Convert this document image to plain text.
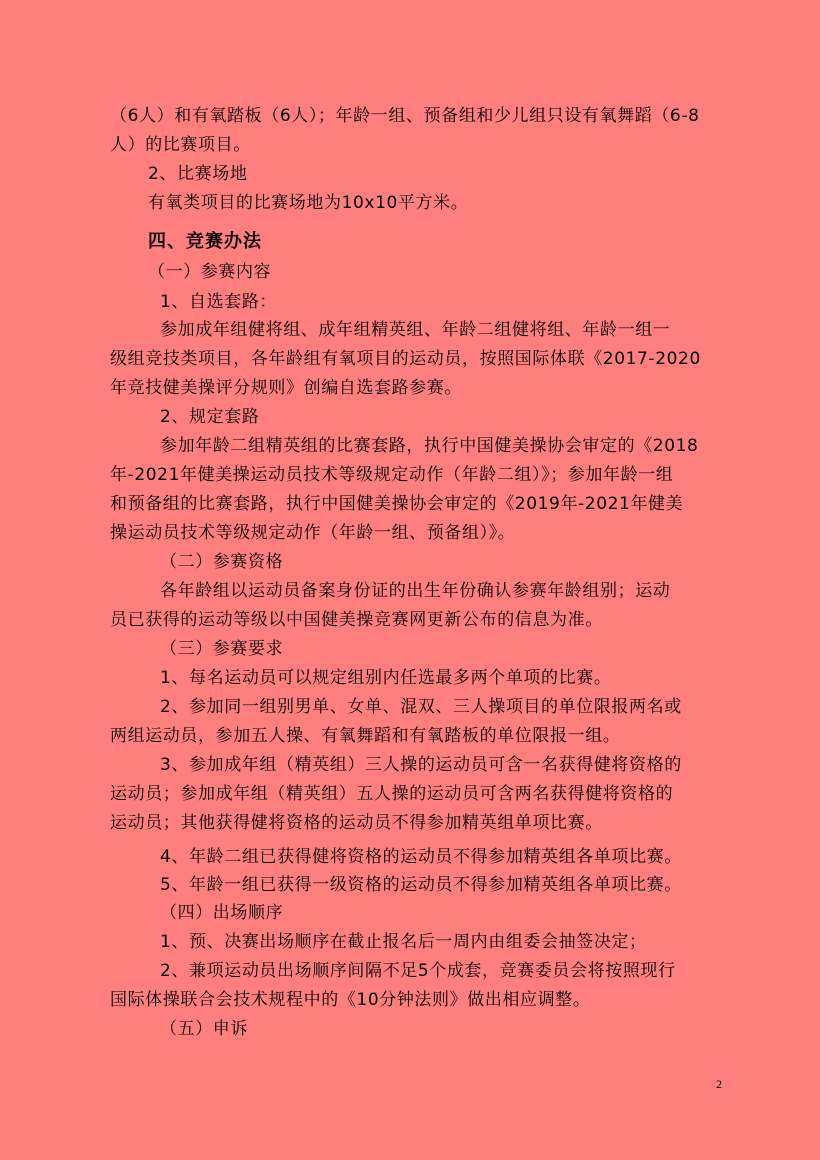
（6人）和有氧踏板（6人）；年龄一组、预备组和少儿组只设有氧舞蹈（6-8
人）的比赛项目。
2、比赛场地
有氧类项目的比赛场地为10x10平方米。
四、竞赛办法
（一）参赛内容
1、自选套路：
参加成年组健将组、成年组精英组、年龄二组健将组、年龄一组一
级组竞技类项目，各年龄组有氧项目的运动员，按照国际体联《2017-2020
年竞技健美操评分规则》创编自选套路参赛。
2、规定套路
参加年龄二组精英组的比赛套路，执行中国健美操协会审定的《2018
年-2021年健美操运动员技术等级规定动作（年龄二组）》；参加年龄一组
和预备组的比赛套路，执行中国健美操协会审定的《2019年-2021年健美
操运动员技术等级规定动作（年龄一组、预备组）》。
（二）参赛资格
各年龄组以运动员备案身份证的出生年份确认参赛年龄组别；运动
员已获得的运动等级以中国健美操竞赛网更新公布的信息为准。
（三）参赛要求
1、每名运动员可以规定组别内任选最多两个单项的比赛。
2、参加同一组别男单、女单、混双、三人操项目的单位限报两名或
两组运动员，参加五人操、有氧舞蹈和有氧踏板的单位限报一组。
3、参加成年组（精英组）三人操的运动员可含一名获得健将资格的
运动员；参加成年组（精英组）五人操的运动员可含两名获得健将资格的
运动员；其他获得健将资格的运动员不得参加精英组单项比赛。
4、年龄二组已获得健将资格的运动员不得参加精英组各单项比赛。
5、年龄一组已获得一级资格的运动员不得参加精英组各单项比赛。
（四）出场顺序
1、预、决赛出场顺序在截止报名后一周内由组委会抽签决定；
2、兼项运动员出场顺序间隔不足5个成套，竞赛委员会将按照现行
国际体操联合会技术规程中的《10分钟法则》做出相应调整。
（五）申诉
2
